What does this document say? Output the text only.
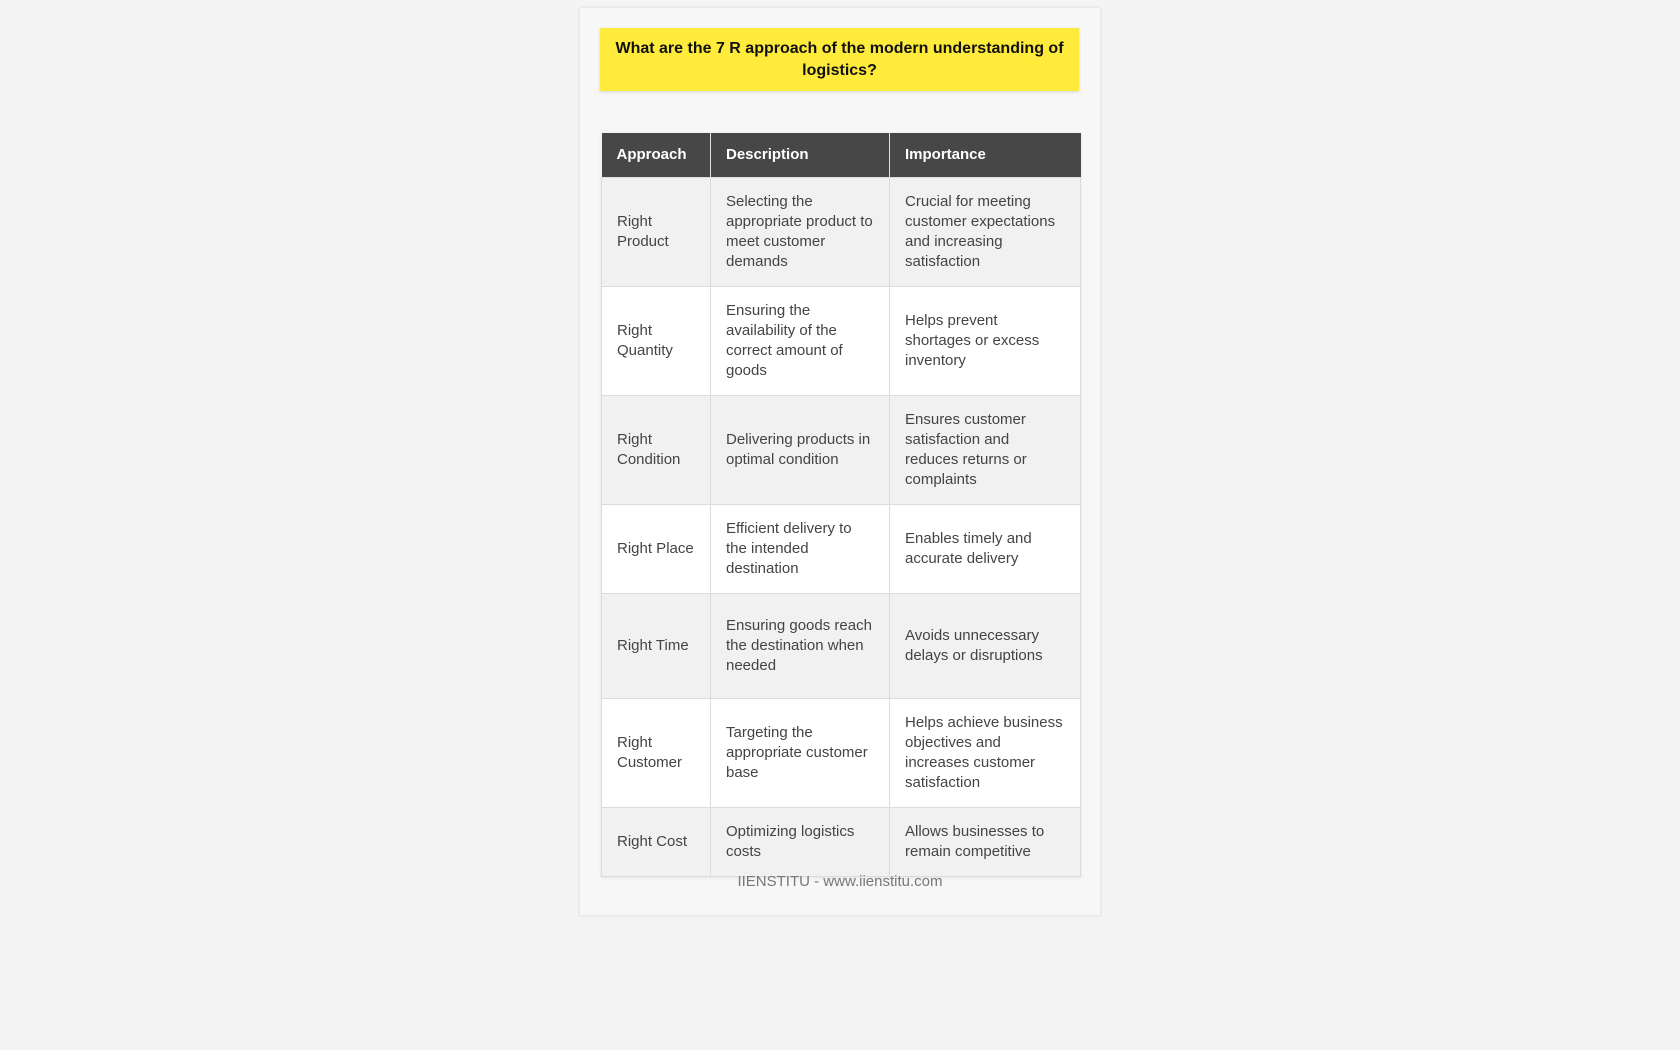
What are the 7 R approach of the modern understanding of logistics?
Approach	Description	Importance
Right Product	Selecting the appropriate product to meet customer demands	Crucial for meeting customer expectations and increasing satisfaction
Right Quantity	Ensuring the availability of the correct amount of goods	Helps prevent shortages or excess inventory
Right Condition	Delivering products in optimal condition	Ensures customer satisfaction and reduces returns or complaints
Right Place	Efficient delivery to the intended destination	Enables timely and accurate delivery
Right Time	Ensuring goods reach the destination when needed	Avoids unnecessary delays or disruptions
Right Customer	Targeting the appropriate customer base	Helps achieve business objectives and increases customer satisfaction
Right Cost	Optimizing logistics costs	Allows businesses to remain competitive
IIENSTITU - www.iienstitu.com
